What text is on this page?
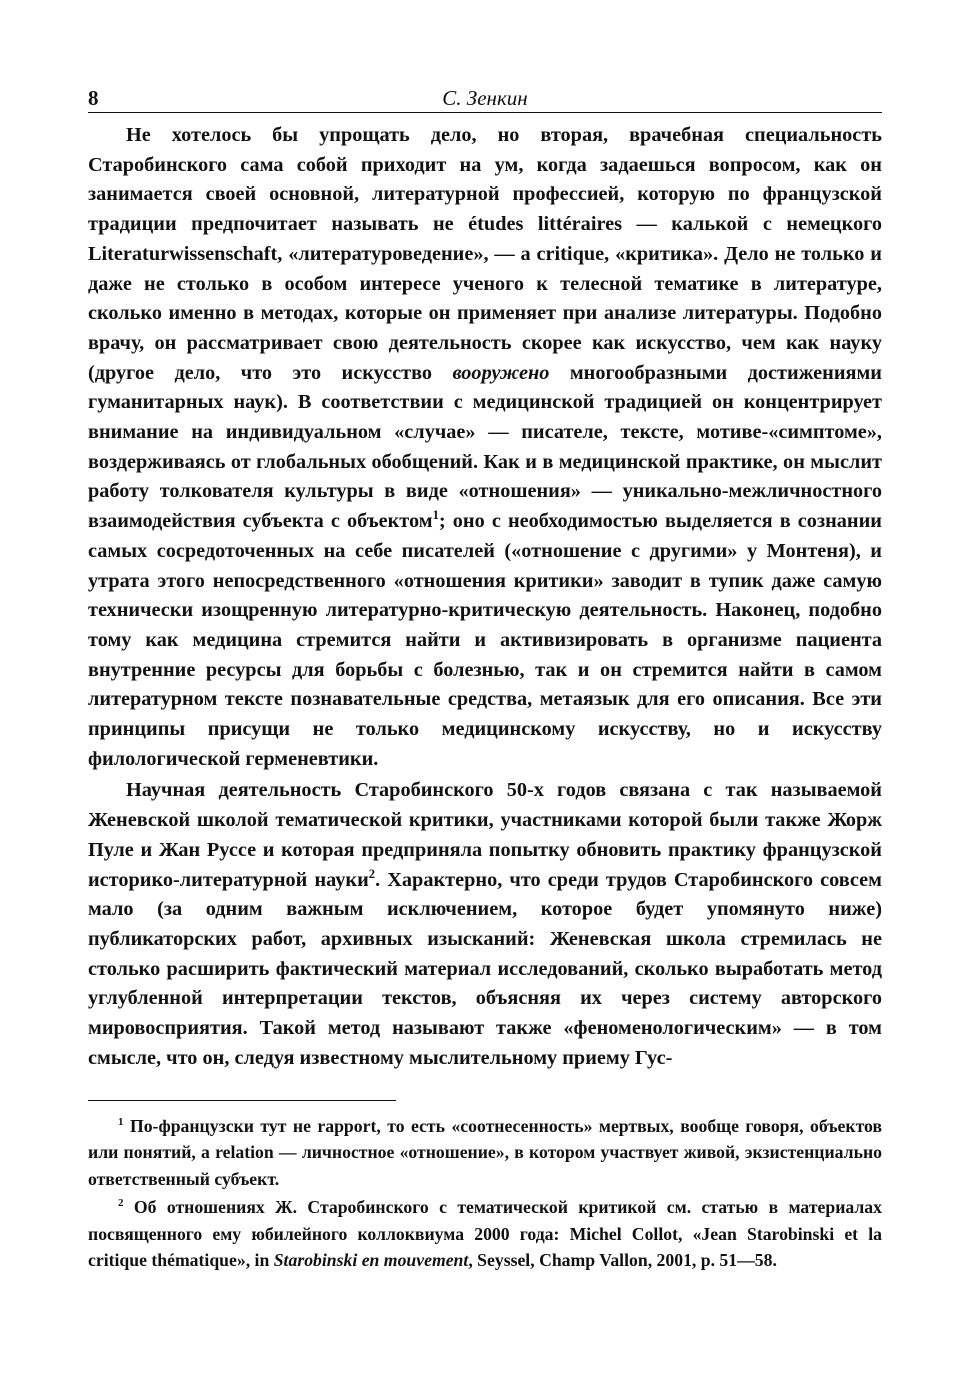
8	С. Зенкин

Не хотелось бы упрощать дело, но вторая, врачебная специальность Старобинского сама собой приходит на ум, когда задаешься вопросом, как он занимается своей основной, литературной профессией, которую по французской традиции предпочитает называть не études littéraires — калькой с немецкого Literaturwissenschaft, «литературоведение», — а critique, «критика». Дело не только и даже не столько в особом интересе ученого к телесной тематике в литературе, сколько именно в методах, которые он применяет при анализе литературы. Подобно врачу, он рассматривает свою деятельность скорее как искусство, чем как науку (другое дело, что это искусство вооружено многообразными достижениями гуманитарных наук). В соответствии с медицинской традицией он концентрирует внимание на индивидуальном «случае» — писателе, тексте, мотиве-«симптоме», воздерживаясь от глобальных обобщений. Как и в медицинской практике, он мыслит работу толкователя культуры в виде «отношения» — уникально-межличностного взаимодействия субъекта с объектом$^1$; оно с необходимостью выделяется в сознании самых сосредоточенных на себе писателей («отношение с другими» у Монтеня), и утрата этого непосредственного «отношения критики» заводит в тупик даже самую технически изощренную литературно-критическую деятельность. Наконец, подобно тому как медицина стремится найти и активизировать в организме пациента внутренние ресурсы для борьбы с болезнью, так и он стремится найти в самом литературном тексте познавательные средства, метаязык для его описания. Все эти принципы присущи не только медицинскому искусству, но и искусству филологической герменевтики.

Научная деятельность Старобинского 50-х годов связана с так называемой Женевской школой тематической критики, участниками которой были также Жорж Пуле и Жан Руссе и которая предприняла попытку обновить практику французской историко-литературной науки$^2$. Характерно, что среди трудов Старобинского совсем мало (за одним важным исключением, которое будет упомянуто ниже) публикаторских работ, архивных изысканий: Женевская школа стремилась не столько расширить фактический материал исследований, сколько выработать метод углубленной интерпретации текстов, объясняя их через систему авторского мировосприятия. Такой метод называют также «феноменологическим» — в том смысле, что он, следуя известному мыслительному приему Гус-

$^1$ По-французски тут не rapport, то есть «соотнесенность» мертвых, вообще говоря, объектов или понятий, а relation — личностное «отношение», в котором участвует живой, экзистенциально ответственный субъект.

$^2$ Об отношениях Ж. Старобинского с тематической критикой см. статью в материалах посвященного ему юбилейного коллоквиума 2000 года: Michel Collot, «Jean Starobinski et la critique thématique», in Starobinski en mouvement, Seyssel, Champ Vallon, 2001, p. 51—58.
